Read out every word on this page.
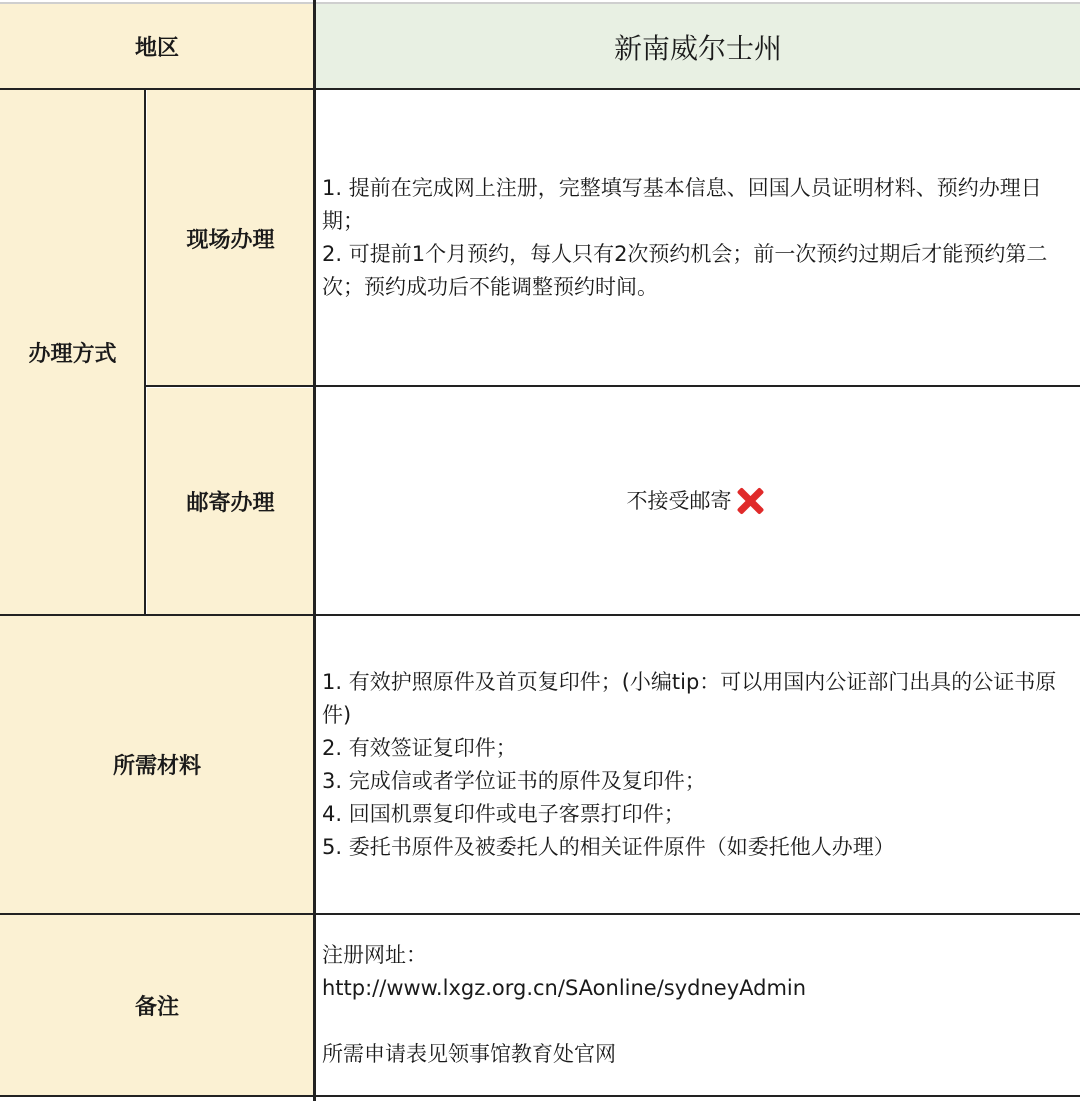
地区	新南威尔士州
办理方式
现场办理
1. 提前在完成网上注册，完整填写基本信息、回国人员证明材料、预约办理日期；
2. 可提前1个月预约，每人只有2次预约机会；前一次预约过期后才能预约第二次；预约成功后不能调整预约时间。
邮寄办理	不接受邮寄
所需材料
1. 有效护照原件及首页复印件；(小编tip：可以用国内公证部门出具的公证书原件)
2. 有效签证复印件；
3. 完成信或者学位证书的原件及复印件；
4. 回国机票复印件或电子客票打印件；
5. 委托书原件及被委托人的相关证件原件（如委托他人办理）
备注
注册网址：
http://www.lxgz.org.cn/SAonline/sydneyAdmin
所需申请表见领事馆教育处官网
